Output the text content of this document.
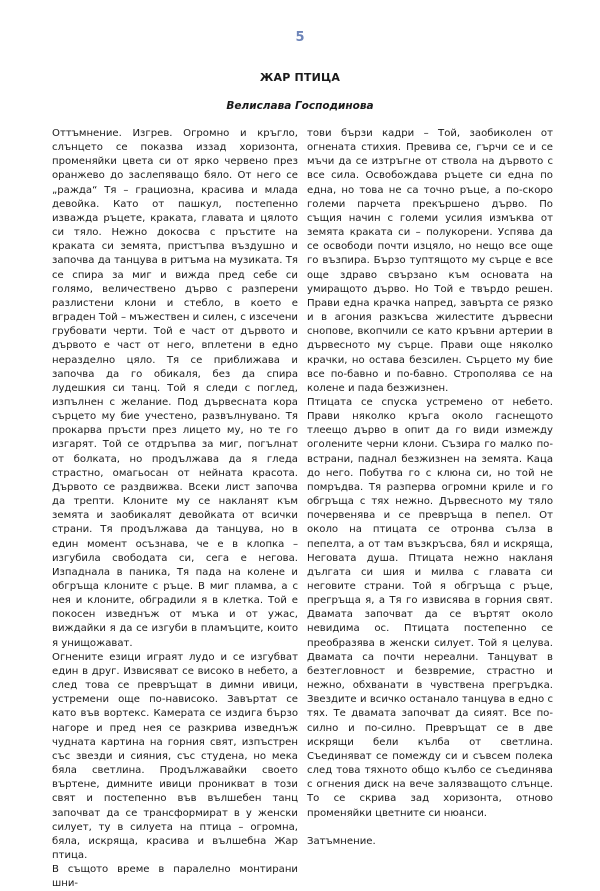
5
ЖАР ПТИЦА
Велислава Господинова

Оттъмнение. Изгрев. Огромно и кръгло, слънцето се показва иззад хоризонта, променяйки цвета си от ярко червено през оранжево до заслепяващо бяло. От него се „ражда“ Тя – грациозна, красива и млада девойка. Като от пашкул, постепенно изважда ръцете, краката, главата и цялото си тяло. Нежно докосва с пръстите на краката си земята, пристъпва въздушно и започва да танцува в ритъма на музиката. Тя се спира за миг и вижда пред себе си голямо, величествено дърво с разперени разлистени клони и стебло, в което е вграден Той – мъжествен и силен, с изсечени грубовати черти. Той е част от дървото и дървото е част от него, вплетени в едно неразделно цяло. Тя се приближава и започва да го обикаля, без да спира лудешкия си танц. Той я следи с поглед, изпълнен с желание. Под дървесната кора сърцето му бие учестено, развълнувано. Тя прокарва пръсти през лицето му, но те го изгарят. Той се отдръпва за миг, погълнат от болката, но продължава да я гледа страстно, омагьосан от нейната красота. Дървото се раздвижва. Всеки лист започва да трепти. Клоните му се накланят към земята и заобикалят девойката от всички страни. Тя продължава да танцува, но в един момент осъзнава, че е в клопка – изгубила свободата си, сега е негова. Изпаднала в паника, Тя пада на колене и обгръща клоните с ръце. В миг пламва, а с нея и клоните, обградили я в клетка. Той е покосен изведнъж от мъка и от ужас, виждайки я да се изгуби в пламъците, които я унищожават.

Огнените езици играят лудо и се изгубват един в друг. Извисяват се високо в небето, а след това се превръщат в димни ивици, устремени още по-нависоко. Завъртат се като във вортекс. Камерата се издига бързо нагоре и пред нея се разкрива изведнъж чудната картина на горния свят, изпъстрен със звезди и сияния, със студена, но мека бяла светлина. Продължавайки своето въртене, димните ивици проникват в този свят и постепенно във вълшебен танц започват да се трансформират в у женски силует, ту в силуета на птица – огромна, бяла, искряща, красива и вълшебна Жар птица.

В същото време в паралелно монтирани шни-

тови бързи кадри – Той, заобиколен от огнената стихия. Превива се, гърчи се и се мъчи да се изтръгне от ствола на дървото с все сила. Освобождава ръцете си една по една, но това не са точно ръце, а по-скоро големи парчета прекършено дърво. По същия начин с големи усилия измъква от земята краката си – полукорени. Успява да се освободи почти изцяло, но нещо все още го възпира. Бързо туптящото му сърце е все още здраво свързано към основата на умиращото дърво. Но Той е твърдо решен. Прави една крачка напред, завърта се рязко и в агония разкъсва жилестите дървесни снопове, вкопчили се като кръвни артерии в дървесното му сърце. Прави още няколко крачки, но остава безсилен. Сърцето му бие все по-бавно и по-бавно. Строполява се на колене и пада безжизнен.

Птицата се спуска устремено от небето. Прави няколко кръга около гаснещото тлеещо дърво в опит да го види измежду оголените черни клони. Съзира го малко по-встрани, паднал безжизнен на земята. Каца до него. Побутва го с клюна си, но той не помръдва. Тя разперва огромни криле и го обгръща с тях нежно. Дървесното му тяло почервенява и се превръща в пепел. От около на птицата се отронва сълза в пепелта, а от там възкръсва, бял и искряща, Неговата душа. Птицата нежно накланя дългата си шия и милва с главата си неговите страни. Той я обгръща с ръце, прегръща я, а Тя го извисява в горния свят. Двамата започват да се въртят около невидима ос. Птицата постепенно се преобразява в женски силует. Той я целува. Двамата са почти нереални. Танцуват в безтегловност и безвремие, страстно и нежно, обхванати в чувствена прегръдка. Звездите и всичко останало танцува в едно с тях. Те двамата започват да сияят. Все по-силно и по-силно. Превръщат се в две искрящи бели кълба от светлина. Съединяват се помежду си и съвсем полека след това тяхното общо кълбо се съединява с огнения диск на вече залязващото слънце. То се скрива зад хоризонта, отново променяйки цветните си нюанси.

Затъмнение.
